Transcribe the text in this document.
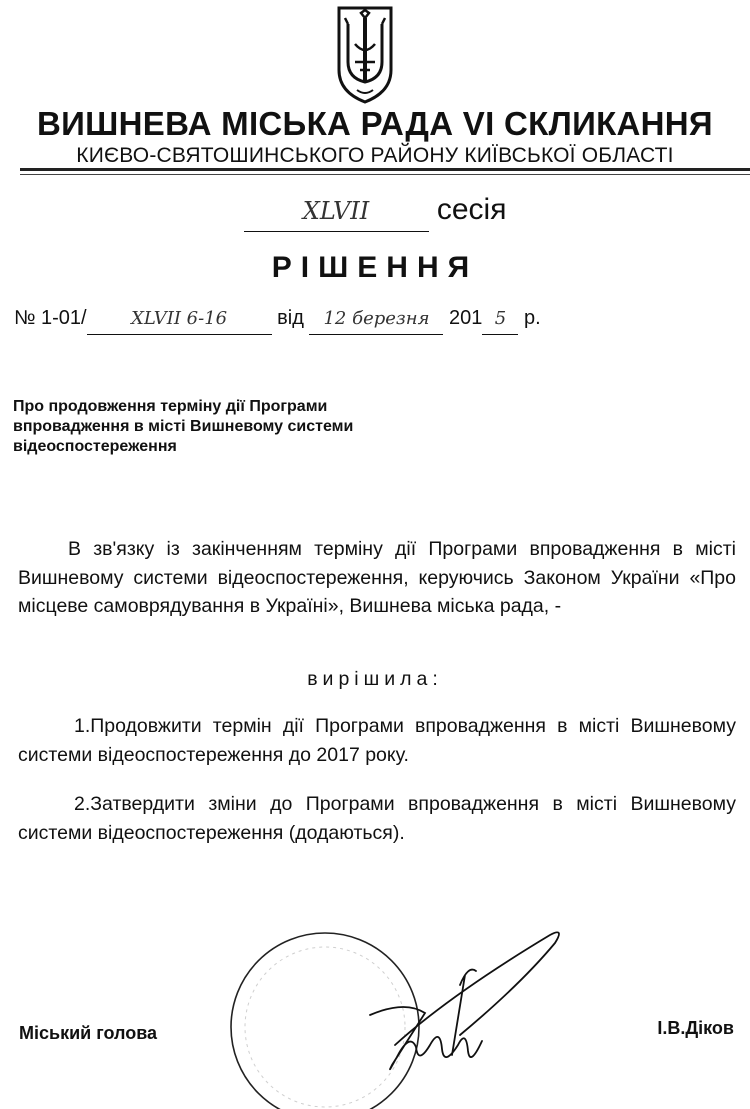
ВИШНЕВА МІСЬКА РАДА VI СКЛИКАННЯ
КИЄВО-СВЯТОШИНСЬКОГО РАЙОНУ КИЇВСЬКОЇ ОБЛАСТІ
XLVII сесія
РІШЕННЯ
№ 1-01/ XLVII 6-16	від 12 березня 201 5 р.
Про продовження терміну дії Програми
впровадження в місті Вишневому системи
відеоспостереження
В зв'язку із закінченням терміну дії Програми впровадження в місті Вишневому системи відеоспостереження, керуючись Законом України «Про місцеве самоврядування в Україні», Вишнева міська рада, -
вирішила:
1.Продовжити термін дії Програми впровадження в місті Вишневому системи відеоспостереження до 2017 року.
2.Затвердити зміни до Програми впровадження в місті Вишневому системи відеоспостереження (додаються).
Міський голова	І.В.Діков
